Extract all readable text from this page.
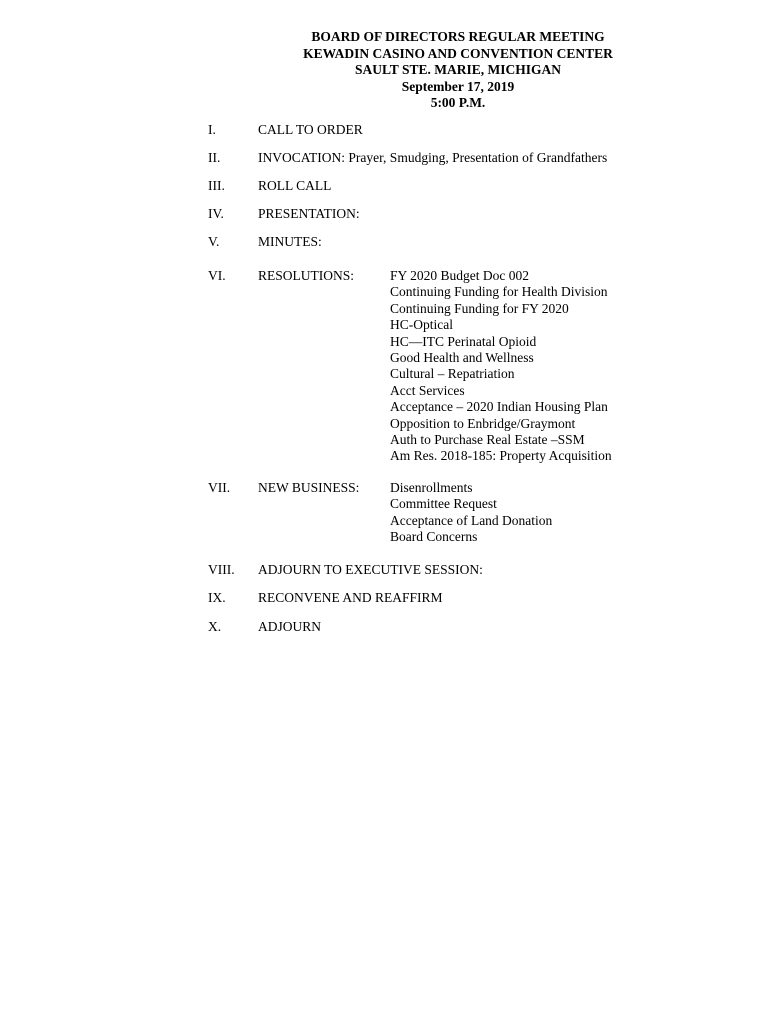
BOARD OF DIRECTORS REGULAR MEETING
KEWADIN CASINO AND CONVENTION CENTER
SAULT STE. MARIE, MICHIGAN
September 17, 2019
5:00 P.M.
I.	CALL TO ORDER
II.	INVOCATION: Prayer, Smudging, Presentation of Grandfathers
III. ROLL CALL
IV.	PRESENTATION:
V.	MINUTES:
VI. RESOLUTIONS:	FY 2020 Budget Doc 002
Continuing Funding for Health Division
Continuing Funding for FY 2020
HC-Optical
HC—ITC Perinatal Opioid
Good Health and Wellness
Cultural – Repatriation
Acct Services
Acceptance – 2020 Indian Housing Plan
Opposition to Enbridge/Graymont
Auth to Purchase Real Estate –SSM
Am Res. 2018-185: Property Acquisition
VII. NEW BUSINESS: Disenrollments
Committee Request
Acceptance of Land Donation
Board Concerns
VIII. ADJOURN TO EXECUTIVE SESSION:
IX. RECONVENE AND REAFFIRM
X.	ADJOURN
